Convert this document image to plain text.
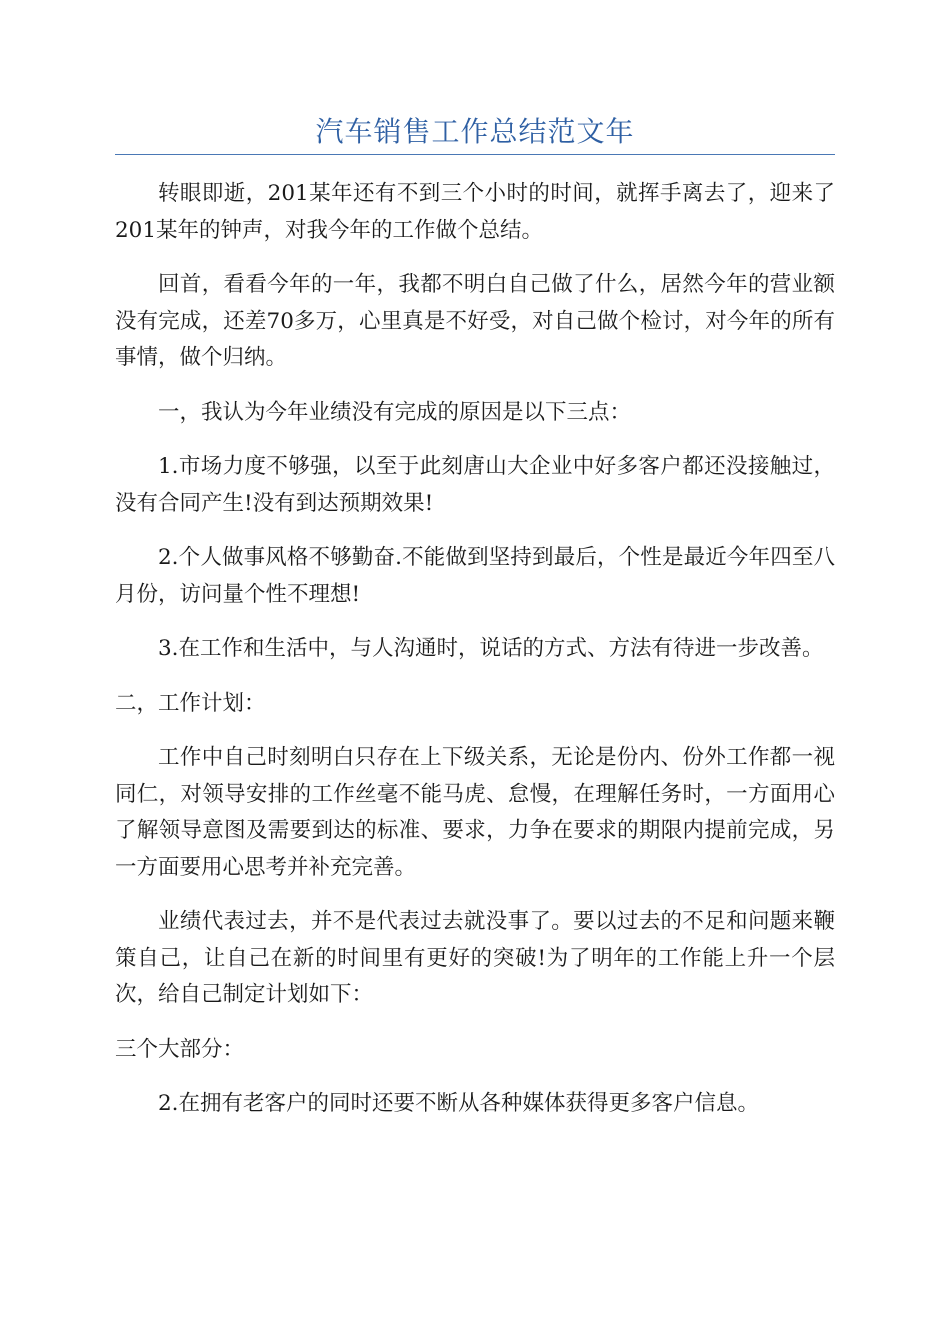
汽车销售工作总结范文年

转眼即逝，201某年还有不到三个小时的时间，就挥手离去了，迎来了201某年的钟声，对我今年的工作做个总结。

回首，看看今年的一年，我都不明白自己做了什么，居然今年的营业额没有完成，还差70多万，心里真是不好受，对自己做个检讨，对今年的所有事情，做个归纳。

一，我认为今年业绩没有完成的原因是以下三点：

1.市场力度不够强，以至于此刻唐山大企业中好多客户都还没接触过，没有合同产生!没有到达预期效果!

2.个人做事风格不够勤奋.不能做到坚持到最后，个性是最近今年四至八月份，访问量个性不理想!

3.在工作和生活中，与人沟通时，说话的方式、方法有待进一步改善。

二，工作计划：

工作中自己时刻明白只存在上下级关系，无论是份内、份外工作都一视同仁，对领导安排的工作丝毫不能马虎、怠慢，在理解任务时，一方面用心了解领导意图及需要到达的标准、要求，力争在要求的期限内提前完成，另一方面要用心思考并补充完善。

业绩代表过去，并不是代表过去就没事了。要以过去的不足和问题来鞭策自己，让自己在新的时间里有更好的突破!为了明年的工作能上升一个层次，给自己制定计划如下：

三个大部分：

2.在拥有老客户的同时还要不断从各种媒体获得更多客户信息。
